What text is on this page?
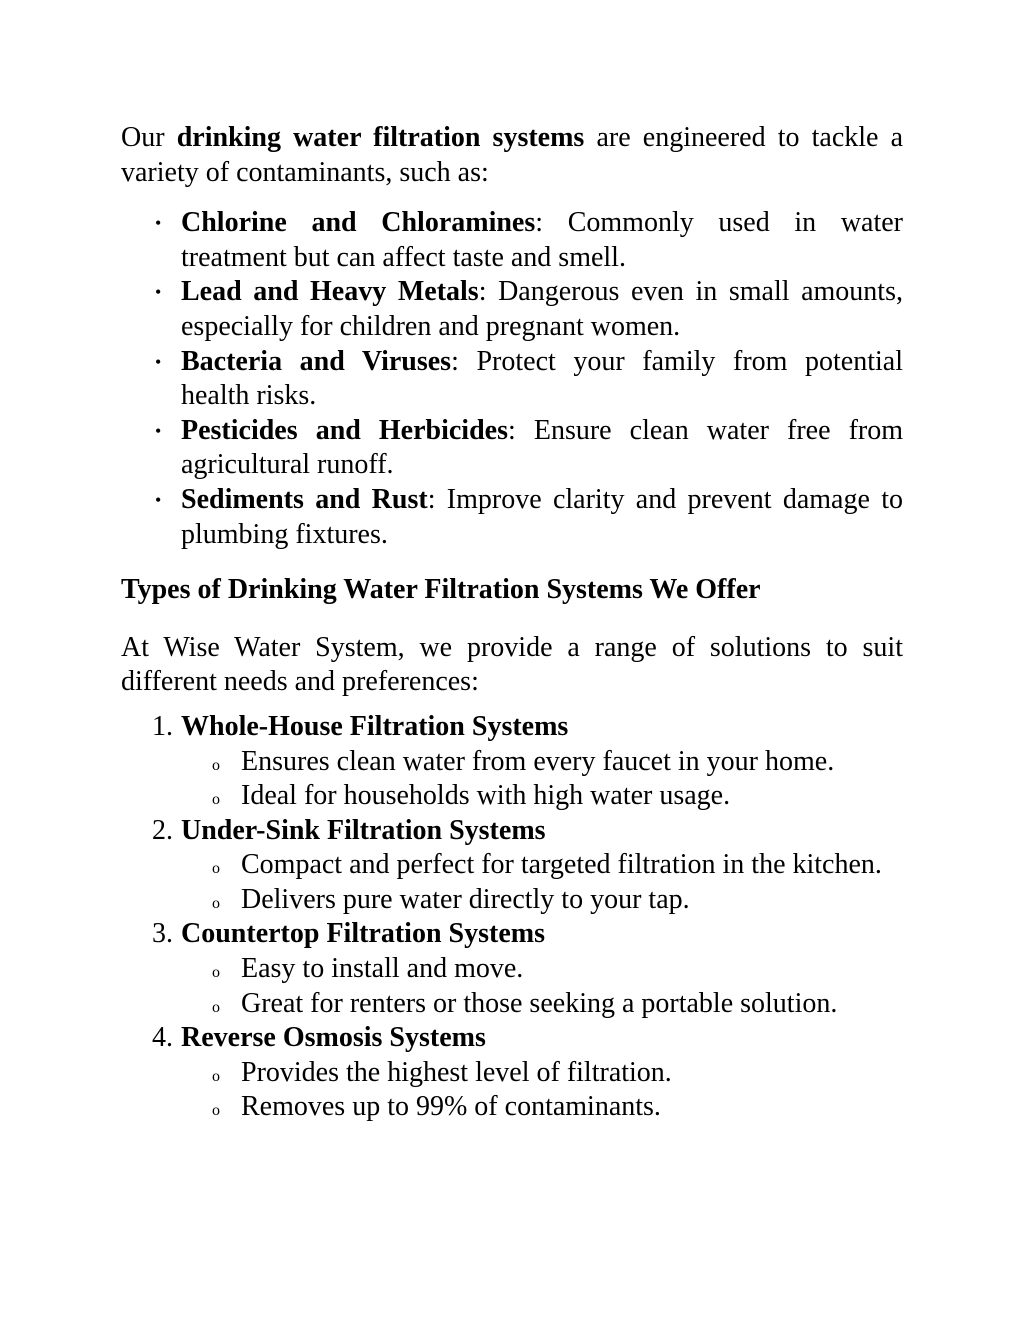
Our drinking water filtration systems are engineered to tackle a variety of contaminants, such as:

• Chlorine and Chloramines: Commonly used in water treatment but can affect taste and smell.
• Lead and Heavy Metals: Dangerous even in small amounts, especially for children and pregnant women.
• Bacteria and Viruses: Protect your family from potential health risks.
• Pesticides and Herbicides: Ensure clean water free from agricultural runoff.
• Sediments and Rust: Improve clarity and prevent damage to plumbing fixtures.
Types of Drinking Water Filtration Systems We Offer

At Wise Water System, we provide a range of solutions to suit different needs and preferences:

1. Whole-House Filtration Systems
o Ensures clean water from every faucet in your home.
o Ideal for households with high water usage.
2. Under-Sink Filtration Systems
o Compact and perfect for targeted filtration in the kitchen.
o Delivers pure water directly to your tap.
3. Countertop Filtration Systems
o Easy to install and move.
o Great for renters or those seeking a portable solution.
4. Reverse Osmosis Systems
o Provides the highest level of filtration.
o Removes up to 99% of contaminants.
